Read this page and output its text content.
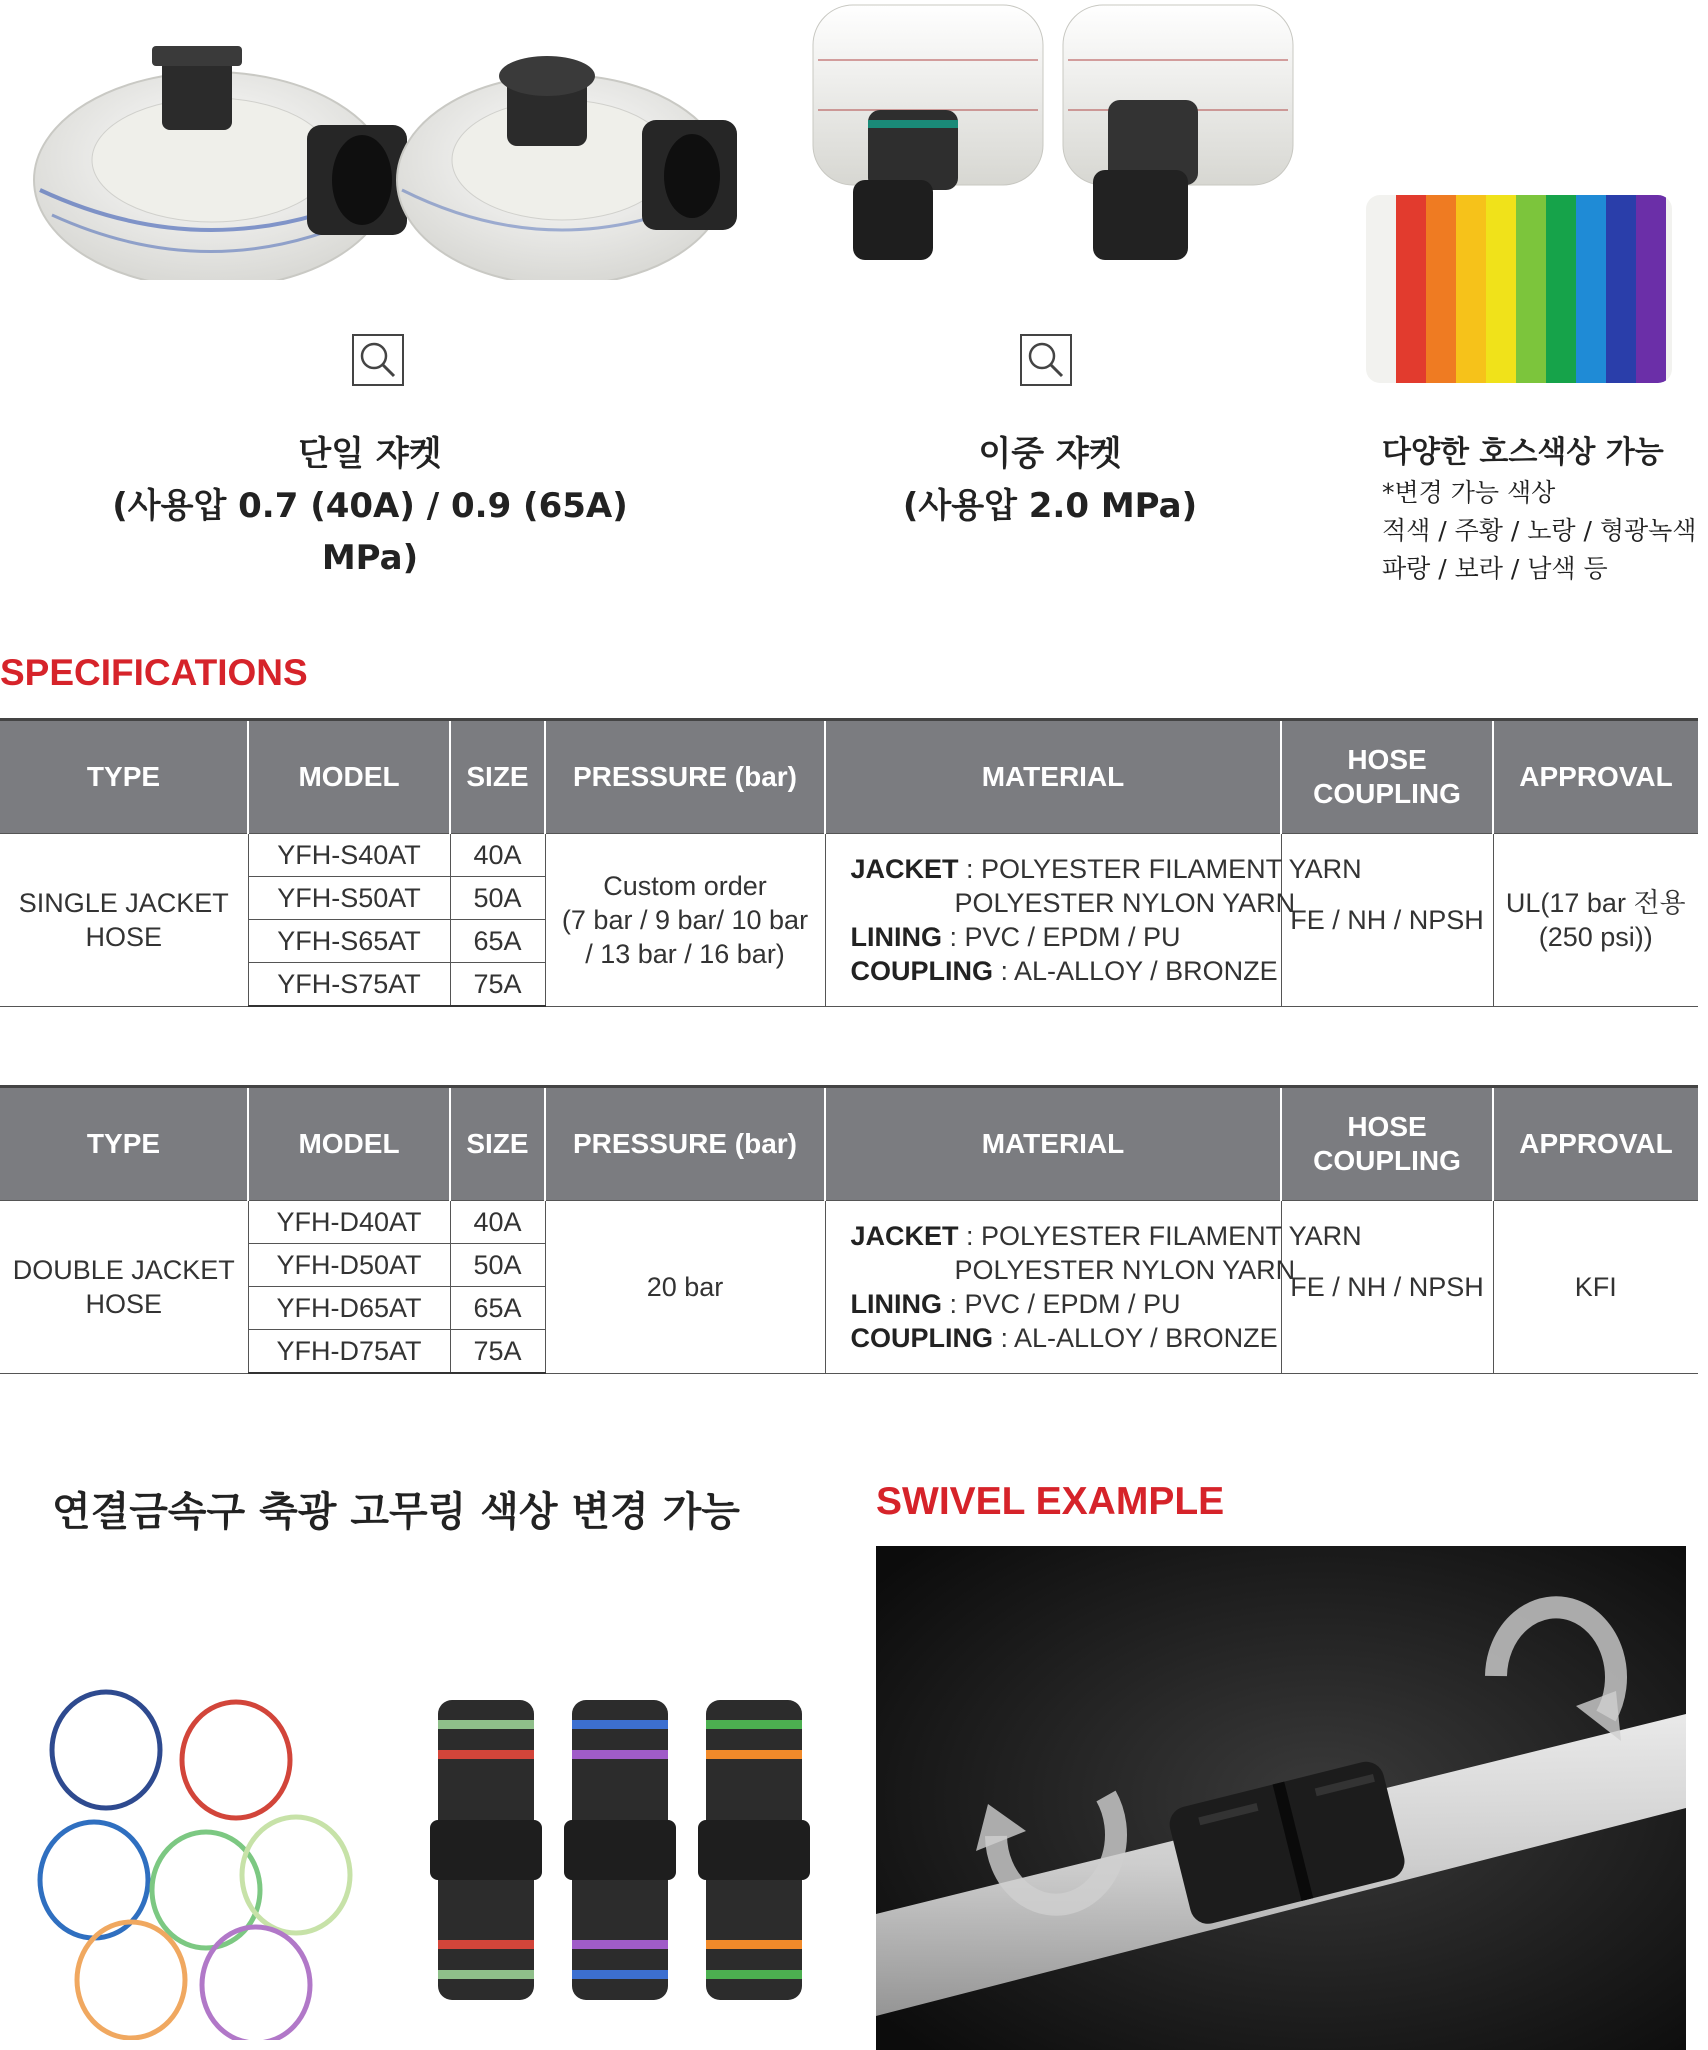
단일 쟈켓
(사용압 0.7 (40A) / 0.9 (65A) MPa)
이중 쟈켓
(사용압 2.0 MPa)
다양한 호스색상 가능
*변경 가능 색상
적색 / 주황 / 노랑 / 형광녹색
파랑 / 보라 / 남색 등
SPECIFICATIONS
TYPE	MODEL	SIZE	PRESSURE (bar)	MATERIAL	HOSE
COUPLING	APPROVAL
SINGLE JACKET
HOSE	YFH-S40AT	40A	Custom order
(7 bar / 9 bar/ 10 bar
/ 13 bar / 16 bar)	JACKET : POLYESTER FILAMENT YARN
POLYESTER NYLON YARN
LINING : PVC / EPDM / PU
COUPLING : AL-ALLOY / BRONZE	FE / NH / NPSH	UL(17 bar 전용
(250 psi))
	YFH-S50AT	50A				
	YFH-S65AT	65A				
	YFH-S75AT	75A				
TYPE	MODEL	SIZE	PRESSURE (bar)	MATERIAL	HOSE
COUPLING	APPROVAL
DOUBLE JACKET
HOSE	YFH-D40AT	40A	20 bar	JACKET : POLYESTER FILAMENT YARN
POLYESTER NYLON YARN
LINING : PVC / EPDM / PU
COUPLING : AL-ALLOY / BRONZE	FE / NH / NPSH	KFI
	YFH-D50AT	50A				
	YFH-D65AT	65A				
	YFH-D75AT	75A				
연결금속구 축광 고무링 색상 변경 가능	SWIVEL EXAMPLE
